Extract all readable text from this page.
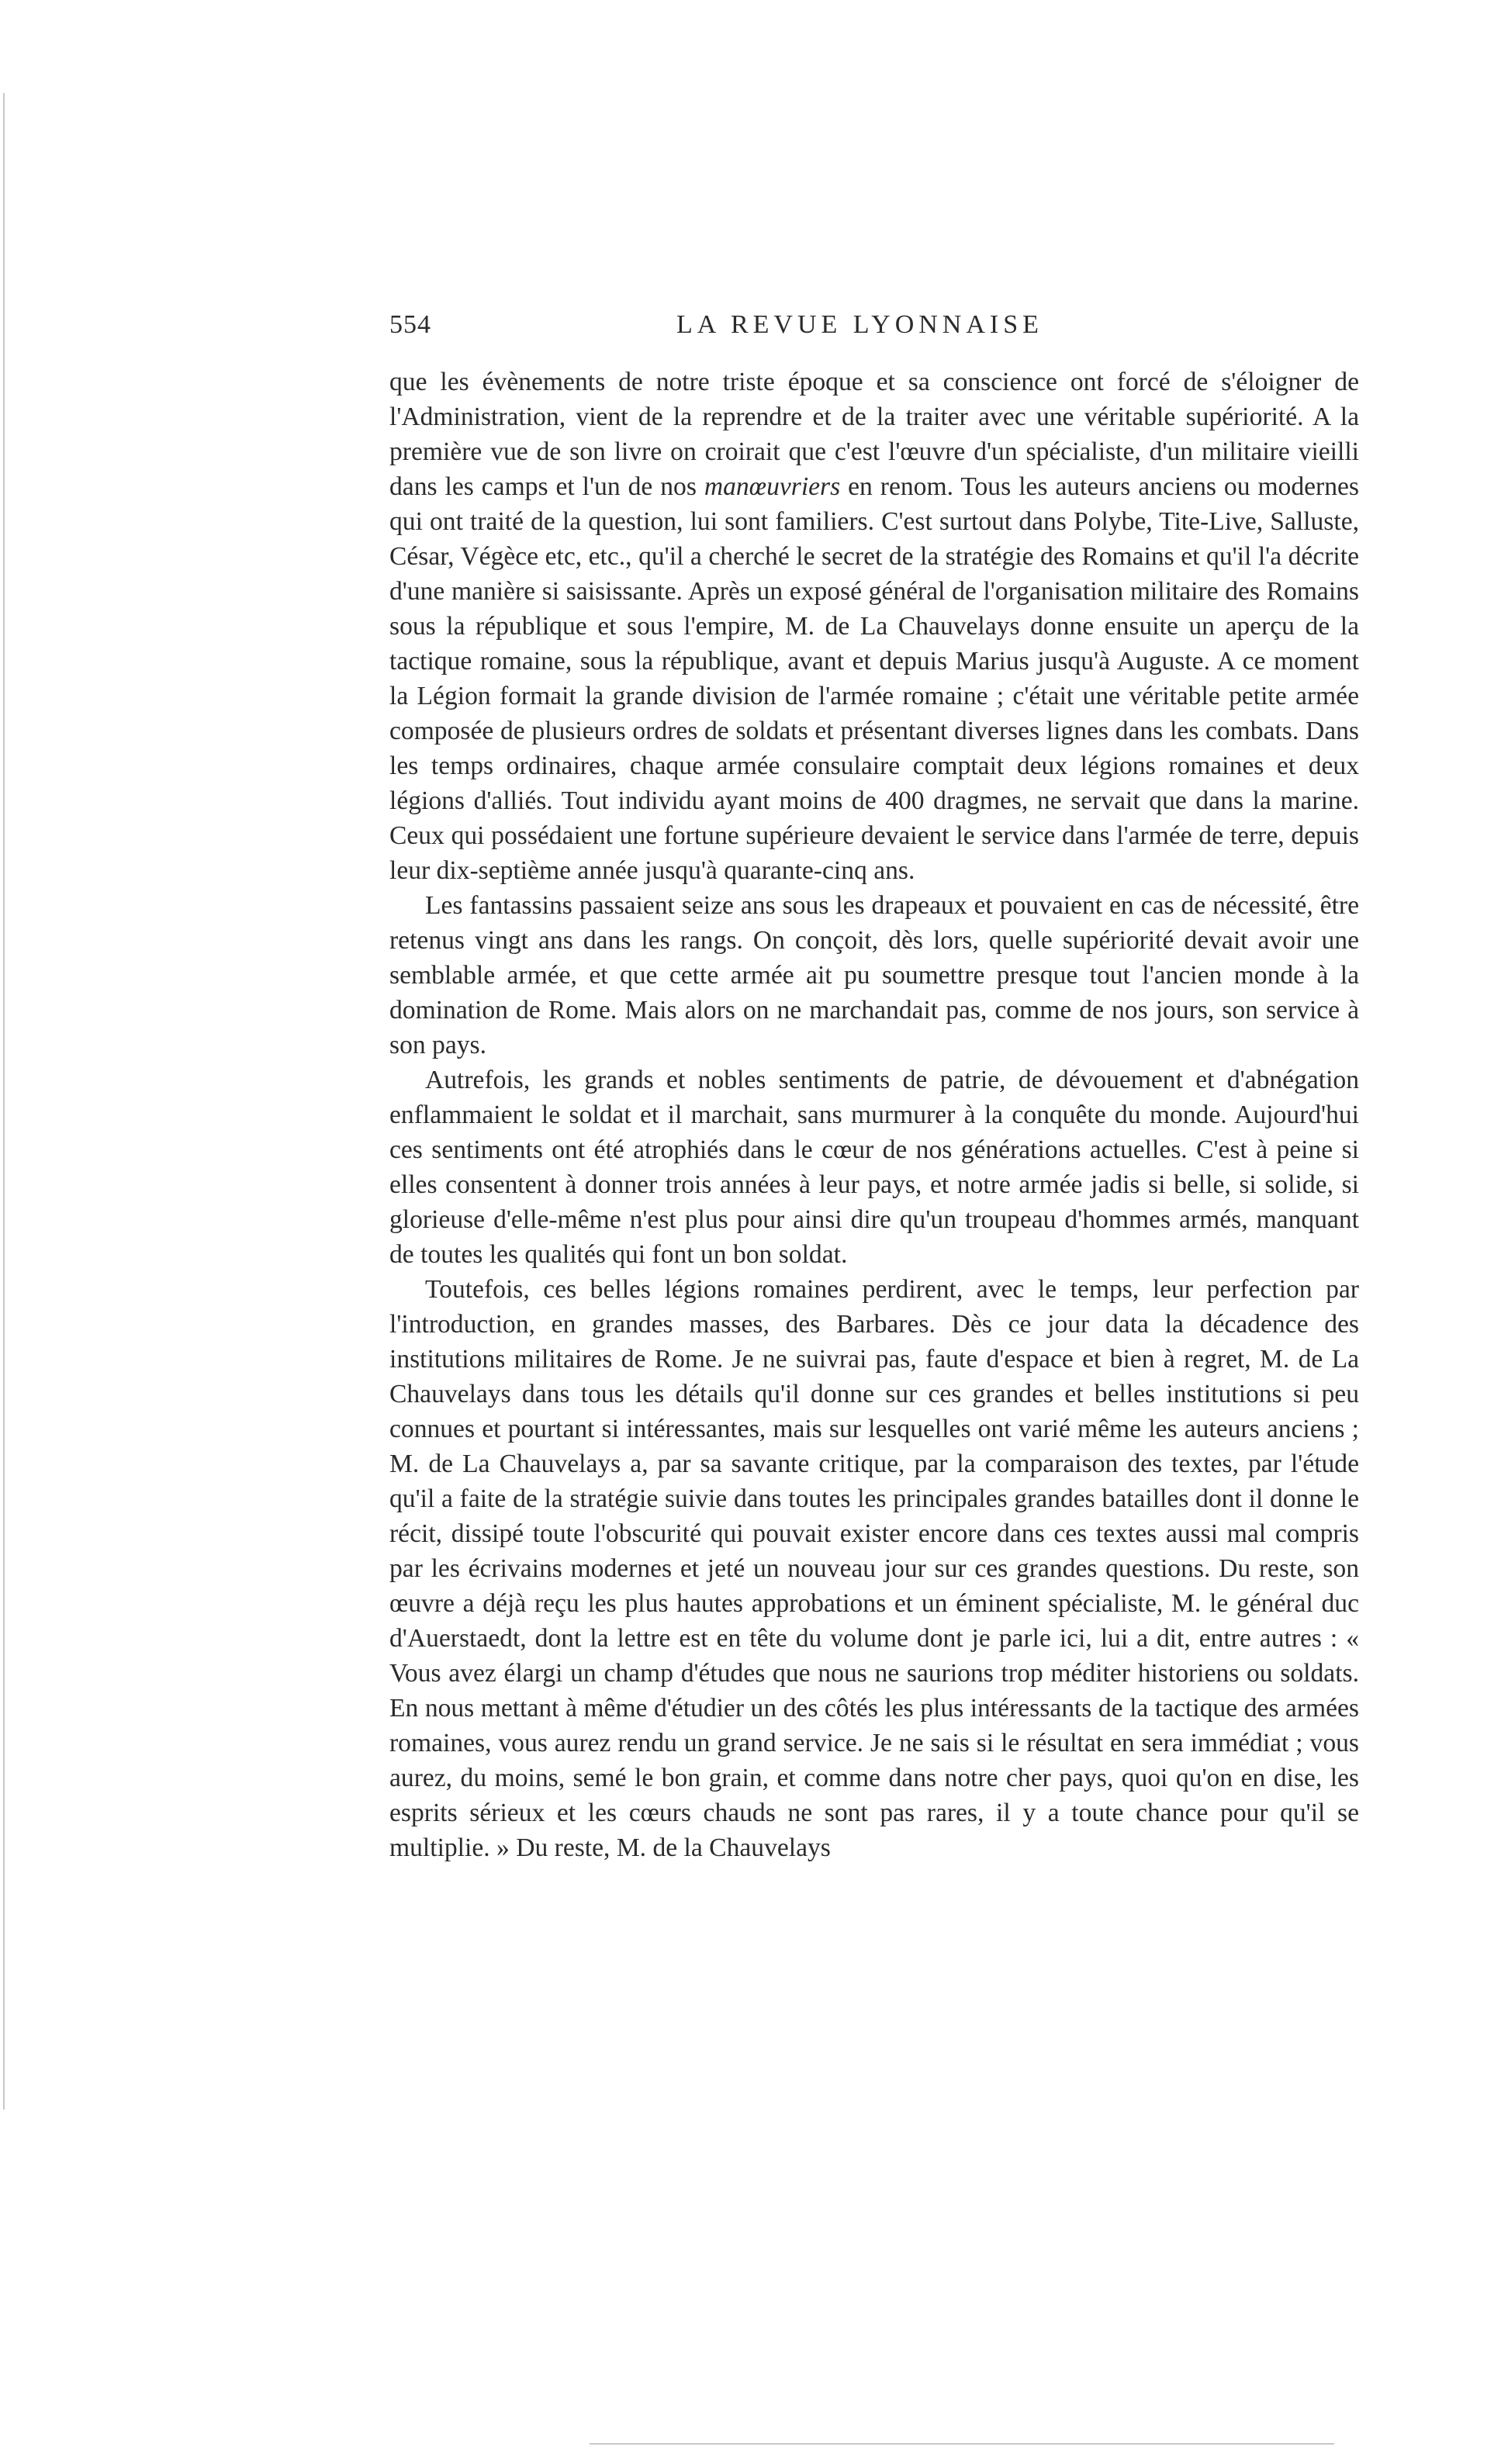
554	LA REVUE LYONNAISE

que les évènements de notre triste époque et sa conscience ont forcé de s'éloigner de l'Administration, vient de la reprendre et de la traiter avec une véritable supériorité. A la première vue de son livre on croirait que c'est l'œuvre d'un spécialiste, d'un militaire vieilli dans les camps et l'un de nos manœuvriers en renom. Tous les auteurs anciens ou modernes qui ont traité de la question, lui sont familiers. C'est surtout dans Polybe, Tite-Live, Salluste, César, Végèce etc, etc., qu'il a cherché le secret de la stratégie des Romains et qu'il l'a décrite d'une manière si saisissante. Après un exposé général de l'organisation militaire des Romains sous la république et sous l'empire, M. de La Chauvelays donne ensuite un aperçu de la tactique romaine, sous la république, avant et depuis Marius jusqu'à Auguste. A ce moment la Légion formait la grande division de l'armée romaine ; c'était une véritable petite armée composée de plusieurs ordres de soldats et présentant diverses lignes dans les combats. Dans les temps ordinaires, chaque armée consulaire comptait deux légions romaines et deux légions d'alliés. Tout individu ayant moins de 400 dragmes, ne servait que dans la marine. Ceux qui possédaient une fortune supérieure devaient le service dans l'armée de terre, depuis leur dix-septième année jusqu'à quarante-cinq ans.

Les fantassins passaient seize ans sous les drapeaux et pouvaient en cas de nécessité, être retenus vingt ans dans les rangs. On conçoit, dès lors, quelle supériorité devait avoir une semblable armée, et que cette armée ait pu soumettre presque tout l'ancien monde à la domination de Rome. Mais alors on ne marchandait pas, comme de nos jours, son service à son pays.

Autrefois, les grands et nobles sentiments de patrie, de dévouement et d'abnégation enflammaient le soldat et il marchait, sans murmurer à la conquête du monde. Aujourd'hui ces sentiments ont été atrophiés dans le cœur de nos générations actuelles. C'est à peine si elles consentent à donner trois années à leur pays, et notre armée jadis si belle, si solide, si glorieuse d'elle-même n'est plus pour ainsi dire qu'un troupeau d'hommes armés, manquant de toutes les qualités qui font un bon soldat.

Toutefois, ces belles légions romaines perdirent, avec le temps, leur perfection par l'introduction, en grandes masses, des Barbares. Dès ce jour data la décadence des institutions militaires de Rome. Je ne suivrai pas, faute d'espace et bien à regret, M. de La Chauvelays dans tous les détails qu'il donne sur ces grandes et belles institutions si peu connues et pourtant si intéressantes, mais sur lesquelles ont varié même les auteurs anciens ; M. de La Chauvelays a, par sa savante critique, par la comparaison des textes, par l'étude qu'il a faite de la stratégie suivie dans toutes les principales grandes batailles dont il donne le récit, dissipé toute l'obscurité qui pouvait exister encore dans ces textes aussi mal compris par les écrivains modernes et jeté un nouveau jour sur ces grandes questions. Du reste, son œuvre a déjà reçu les plus hautes approbations et un éminent spécialiste, M. le général duc d'Auerstaedt, dont la lettre est en tête du volume dont je parle ici, lui a dit, entre autres : « Vous avez élargi un champ d'études que nous ne saurions trop méditer historiens ou soldats. En nous mettant à même d'étudier un des côtés les plus intéressants de la tactique des armées romaines, vous aurez rendu un grand service. Je ne sais si le résultat en sera immédiat ; vous aurez, du moins, semé le bon grain, et comme dans notre cher pays, quoi qu'on en dise, les esprits sérieux et les cœurs chauds ne sont pas rares, il y a toute chance pour qu'il se multiplie. » Du reste, M. de la Chauvelays
